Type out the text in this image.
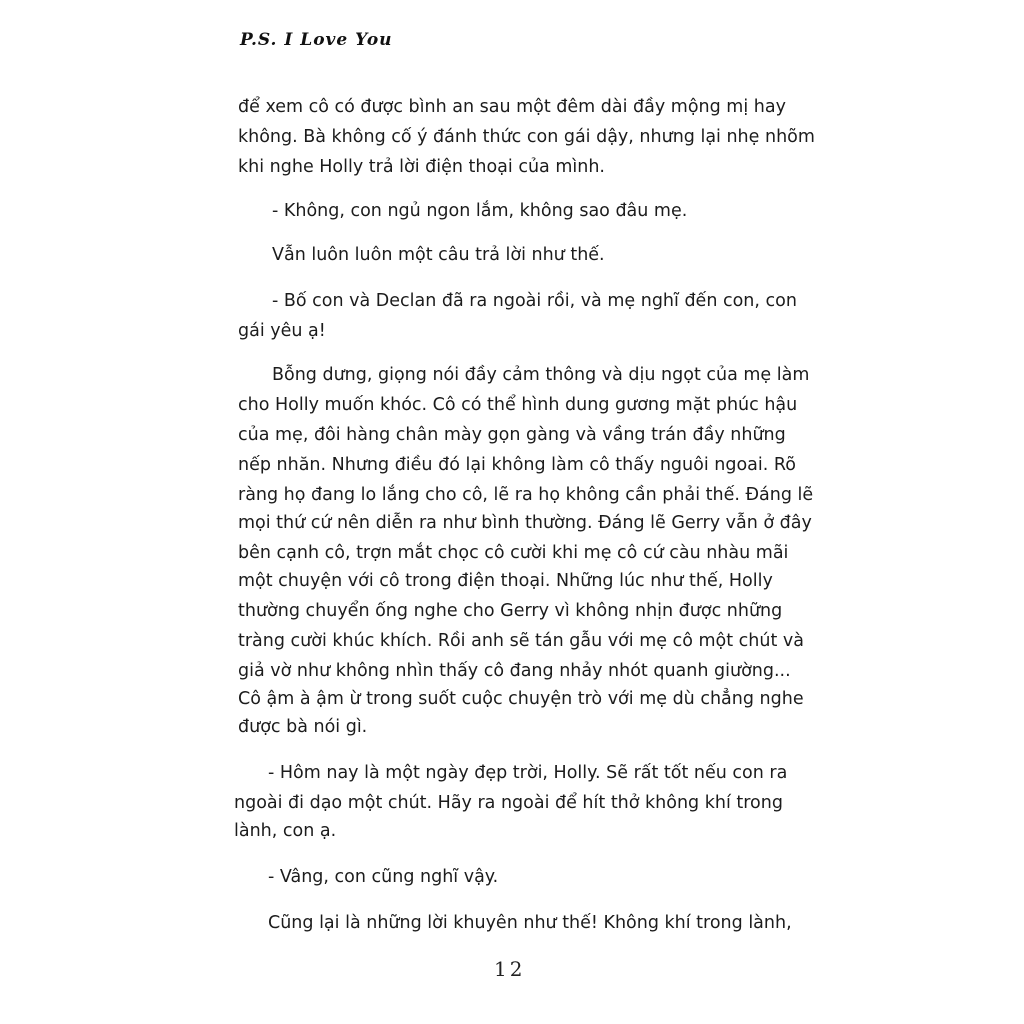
P.S. I Love You
để xem cô có được bình an sau một đêm dài đầy mộng mị hay
không. Bà không cố ý đánh thức con gái dậy, nhưng lại nhẹ nhõm
khi nghe Holly trả lời điện thoại của mình.
- Không, con ngủ ngon lắm, không sao đâu mẹ.
Vẫn luôn luôn một câu trả lời như thế.
- Bố con và Declan đã ra ngoài rồi, và mẹ nghĩ đến con, con
gái yêu ạ!
Bỗng dưng, giọng nói đầy cảm thông và dịu ngọt của mẹ làm
cho Holly muốn khóc. Cô có thể hình dung gương mặt phúc hậu
của mẹ, đôi hàng chân mày gọn gàng và vầng trán đầy những
nếp nhăn. Nhưng điều đó lại không làm cô thấy nguôi ngoai. Rõ
ràng họ đang lo lắng cho cô, lẽ ra họ không cần phải thế. Đáng lẽ
mọi thứ cứ nên diễn ra như bình thường. Đáng lẽ Gerry vẫn ở đây
bên cạnh cô, trợn mắt chọc cô cười khi mẹ cô cứ càu nhàu mãi
một chuyện với cô trong điện thoại. Những lúc như thế, Holly
thường chuyển ống nghe cho Gerry vì không nhịn được những
tràng cười khúc khích. Rồi anh sẽ tán gẫu với mẹ cô một chút và
giả vờ như không nhìn thấy cô đang nhảy nhót quanh giường...
Cô ậm à ậm ừ trong suốt cuộc chuyện trò với mẹ dù chẳng nghe
được bà nói gì.
- Hôm nay là một ngày đẹp trời, Holly. Sẽ rất tốt nếu con ra
ngoài đi dạo một chút. Hãy ra ngoài để hít thở không khí trong
lành, con ạ.
- Vâng, con cũng nghĩ vậy.
Cũng lại là những lời khuyên như thế! Không khí trong lành,
12
